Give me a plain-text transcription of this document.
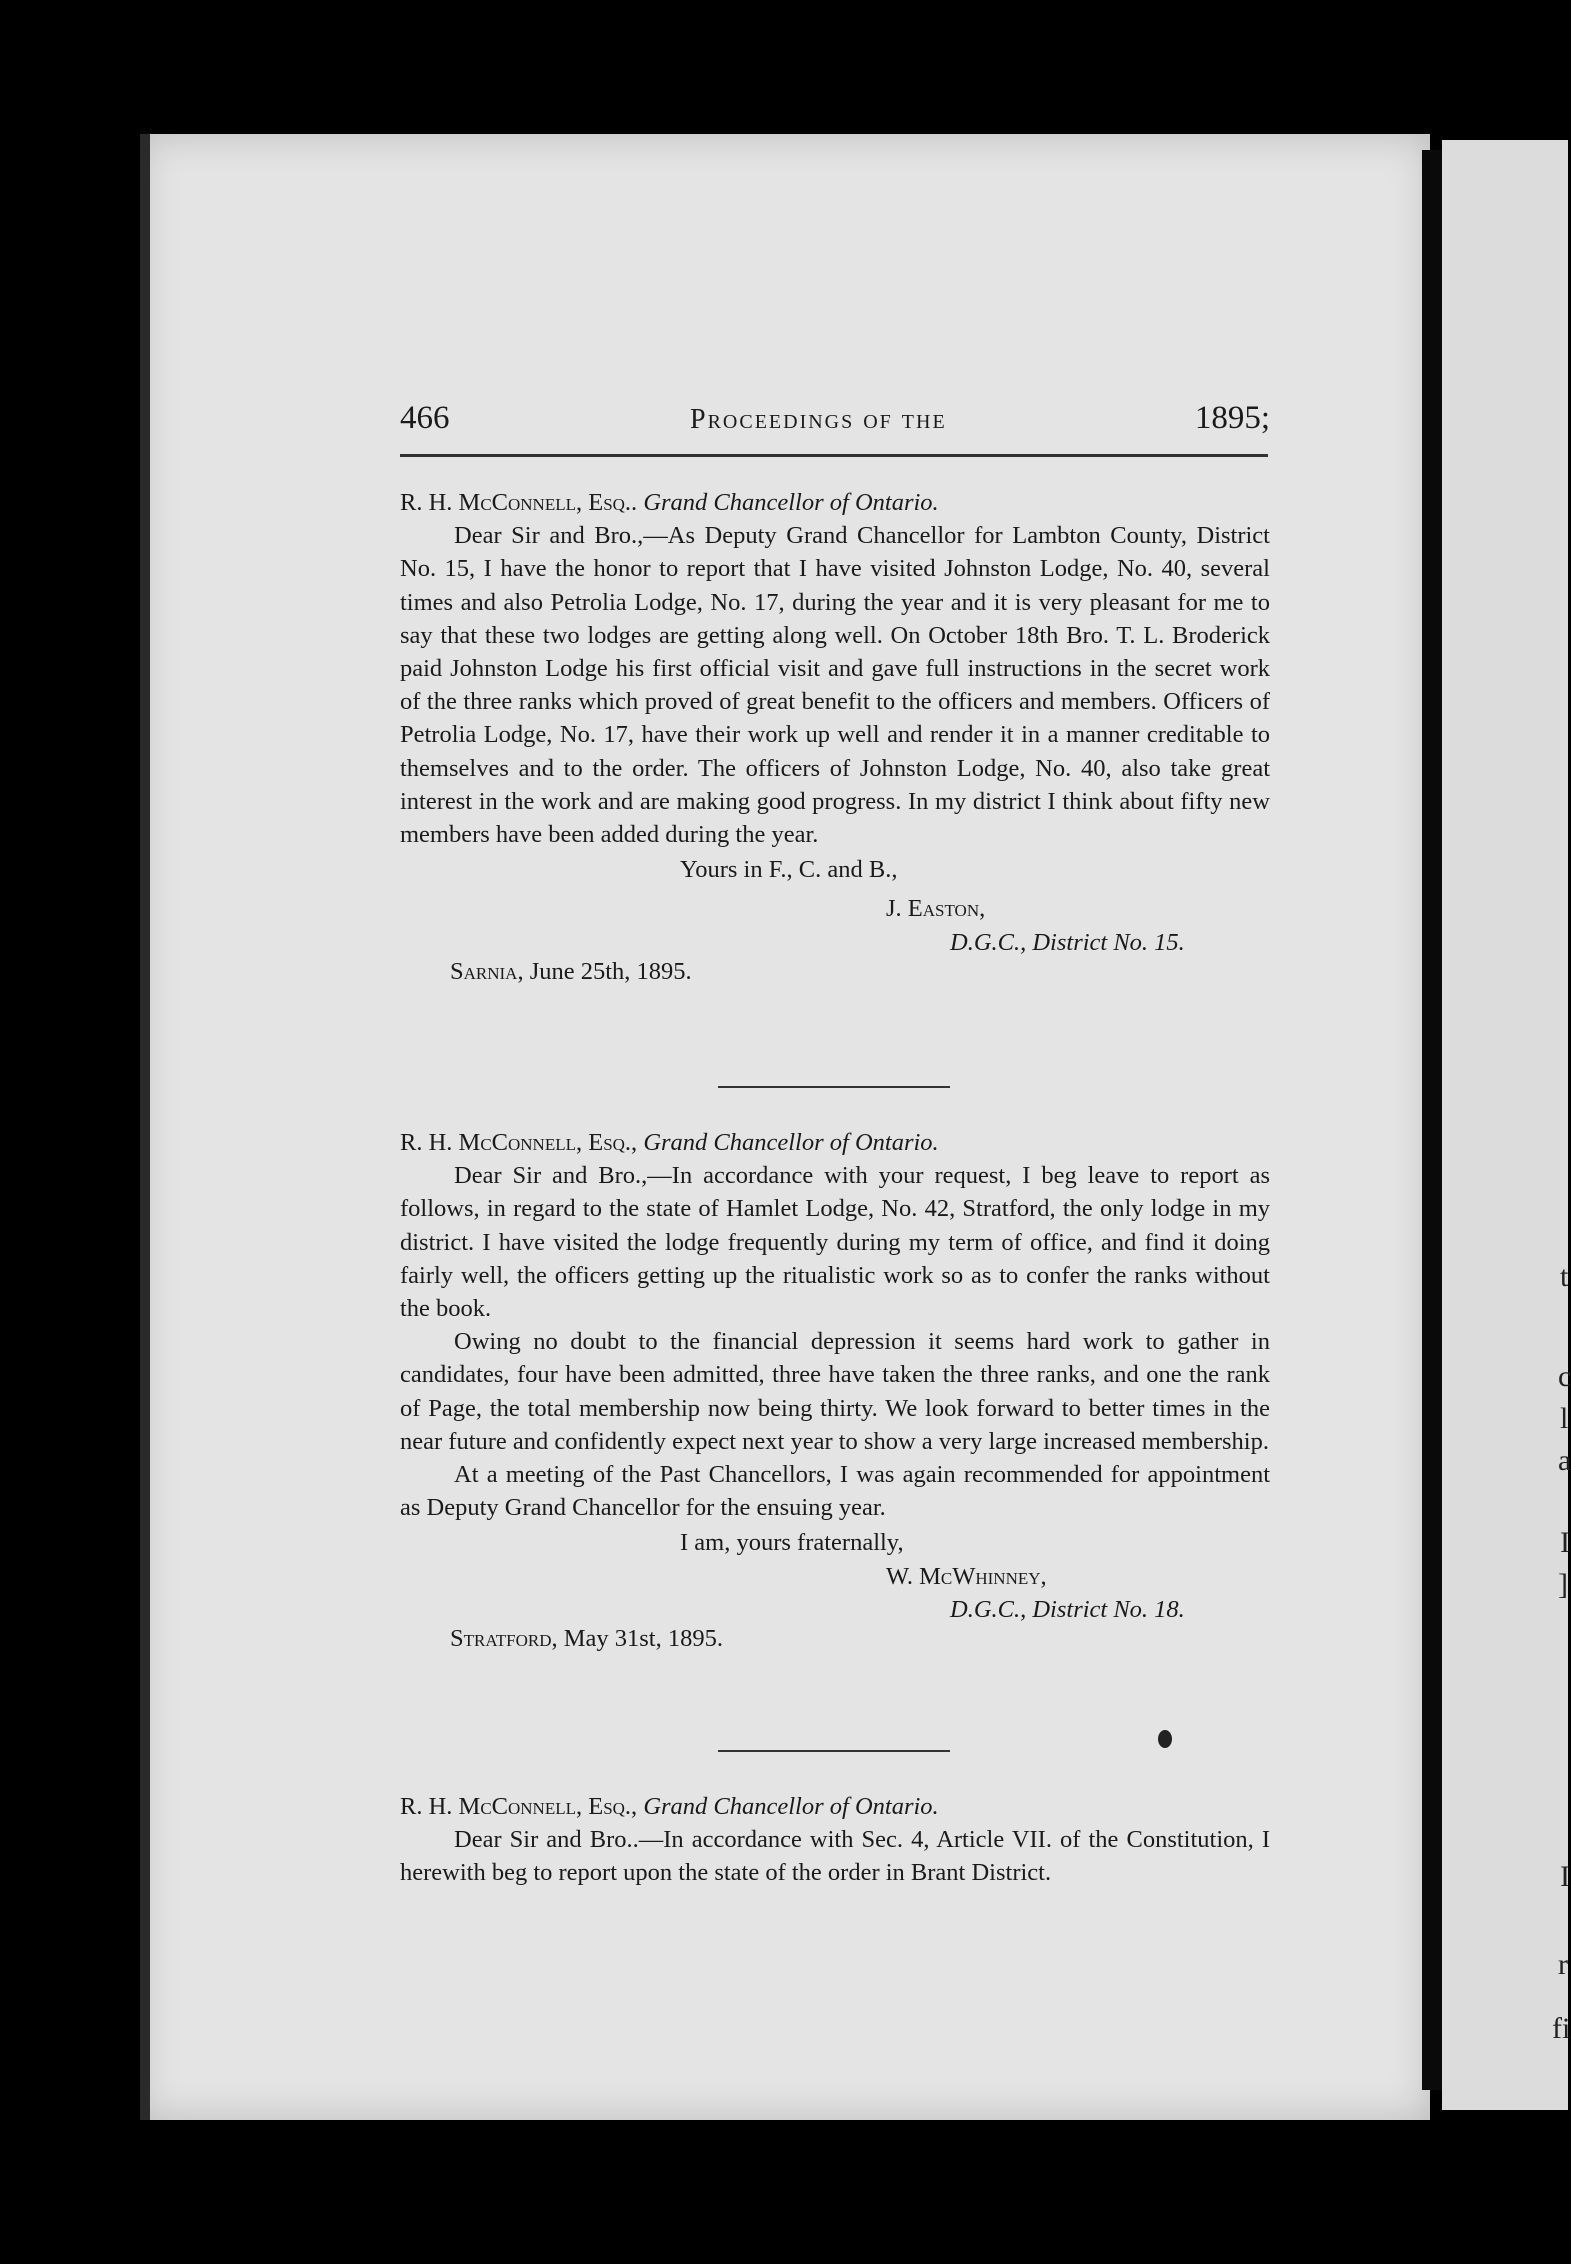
t
c
l
a
I
]
I
r
fi
466	Proceedings of the	1895;
R. H. McConnell, Esq.. Grand Chancellor of Ontario.

Dear Sir and Bro.,—As Deputy Grand Chancellor for Lambton County, District No. 15, I have the honor to report that I have visited Johnston Lodge, No. 40, several times and also Petrolia Lodge, No. 17, during the year and it is very pleasant for me to say that these two lodges are getting along well. On October 18th Bro. T. L. Broderick paid Johnston Lodge his first official visit and gave full instructions in the secret work of the three ranks which proved of great benefit to the officers and members. Officers of Petrolia Lodge, No. 17, have their work up well and render it in a manner creditable to themselves and to the order. The officers of Johnston Lodge, No. 40, also take great interest in the work and are making good progress. In my district I think about fifty new members have been added during the year.

Yours in F., C. and B.,
J. Easton,
D.G.C., District No. 15.
Sarnia, June 25th, 1895.
R. H. McConnell, Esq., Grand Chancellor of Ontario.

Dear Sir and Bro.,—In accordance with your request, I beg leave to report as follows, in regard to the state of Hamlet Lodge, No. 42, Stratford, the only lodge in my district. I have visited the lodge frequently during my term of office, and find it doing fairly well, the officers getting up the ritualistic work so as to confer the ranks without the book.

Owing no doubt to the financial depression it seems hard work to gather in candidates, four have been admitted, three have taken the three ranks, and one the rank of Page, the total membership now being thirty. We look forward to better times in the near future and confidently expect next year to show a very large increased membership.

At a meeting of the Past Chancellors, I was again recommended for appointment as Deputy Grand Chancellor for the ensuing year.

I am, yours fraternally,
W. McWhinney,
D.G.C., District No. 18.
Stratford, May 31st, 1895.
R. H. McConnell, Esq., Grand Chancellor of Ontario.

Dear Sir and Bro..—In accordance with Sec. 4, Article VII. of the Constitution, I herewith beg to report upon the state of the order in Brant District.
